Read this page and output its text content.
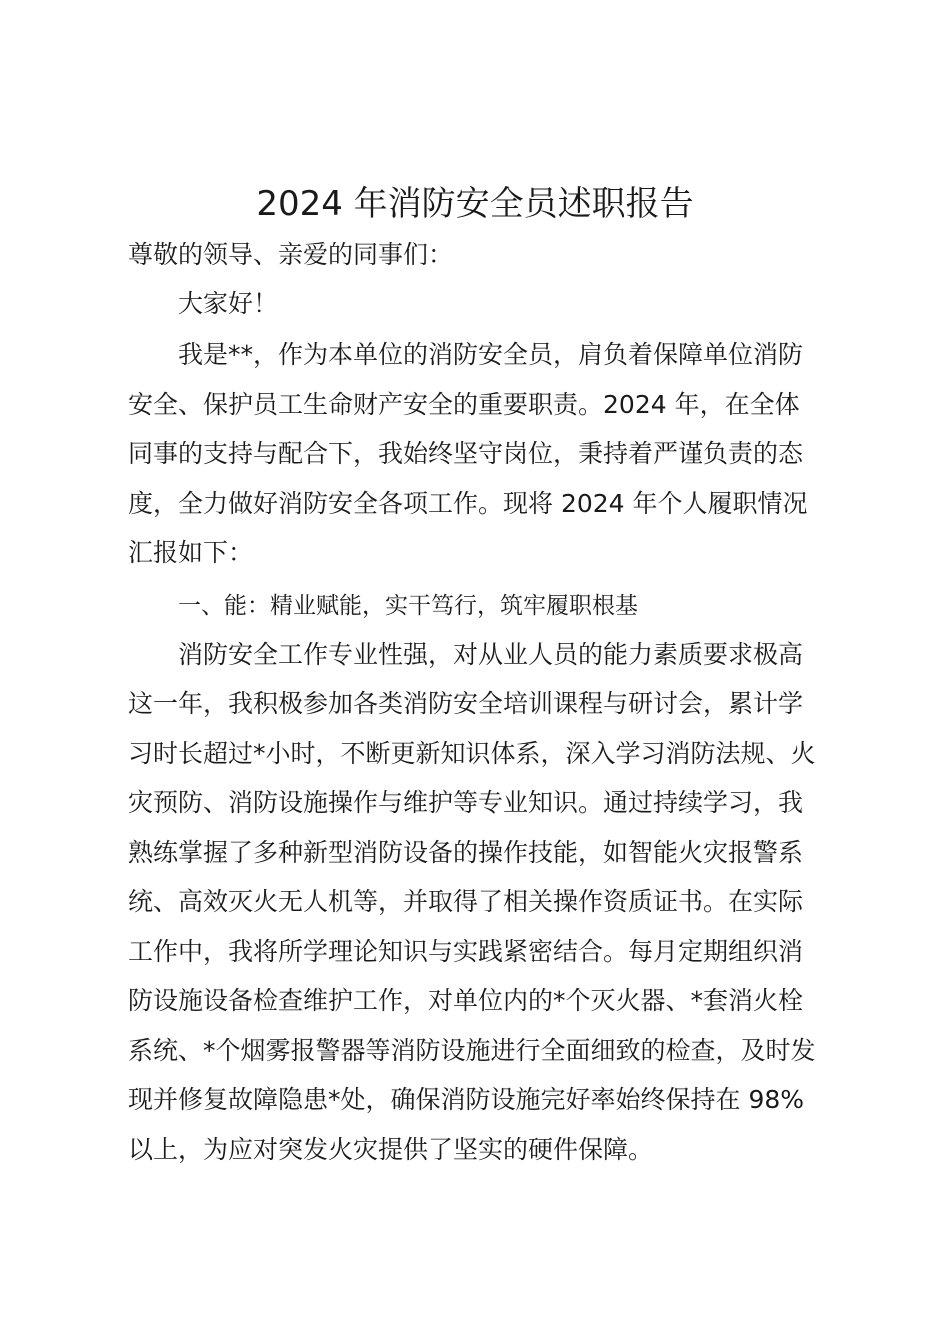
2024 年消防安全员述职报告
尊敬的领导、亲爱的同事们：
大家好！
我是**，作为本单位的消防安全员，肩负着保障单位消防
安全、保护员工生命财产安全的重要职责。2024 年，在全体
同事的支持与配合下，我始终坚守岗位，秉持着严谨负责的态
度，全力做好消防安全各项工作。现将 2024 年个人履职情况
汇报如下：
一、能：精业赋能，实干笃行，筑牢履职根基
消防安全工作专业性强，对从业人员的能力素质要求极高
这一年，我积极参加各类消防安全培训课程与研讨会，累计学
习时长超过*小时，不断更新知识体系，深入学习消防法规、火
灾预防、消防设施操作与维护等专业知识。通过持续学习，我
熟练掌握了多种新型消防设备的操作技能，如智能火灾报警系
统、高效灭火无人机等，并取得了相关操作资质证书。在实际
工作中，我将所学理论知识与实践紧密结合。每月定期组织消
防设施设备检查维护工作，对单位内的*个灭火器、*套消火栓
系统、*个烟雾报警器等消防设施进行全面细致的检查，及时发
现并修复故障隐患*处，确保消防设施完好率始终保持在 98%
以上，为应对突发火灾提供了坚实的硬件保障。
